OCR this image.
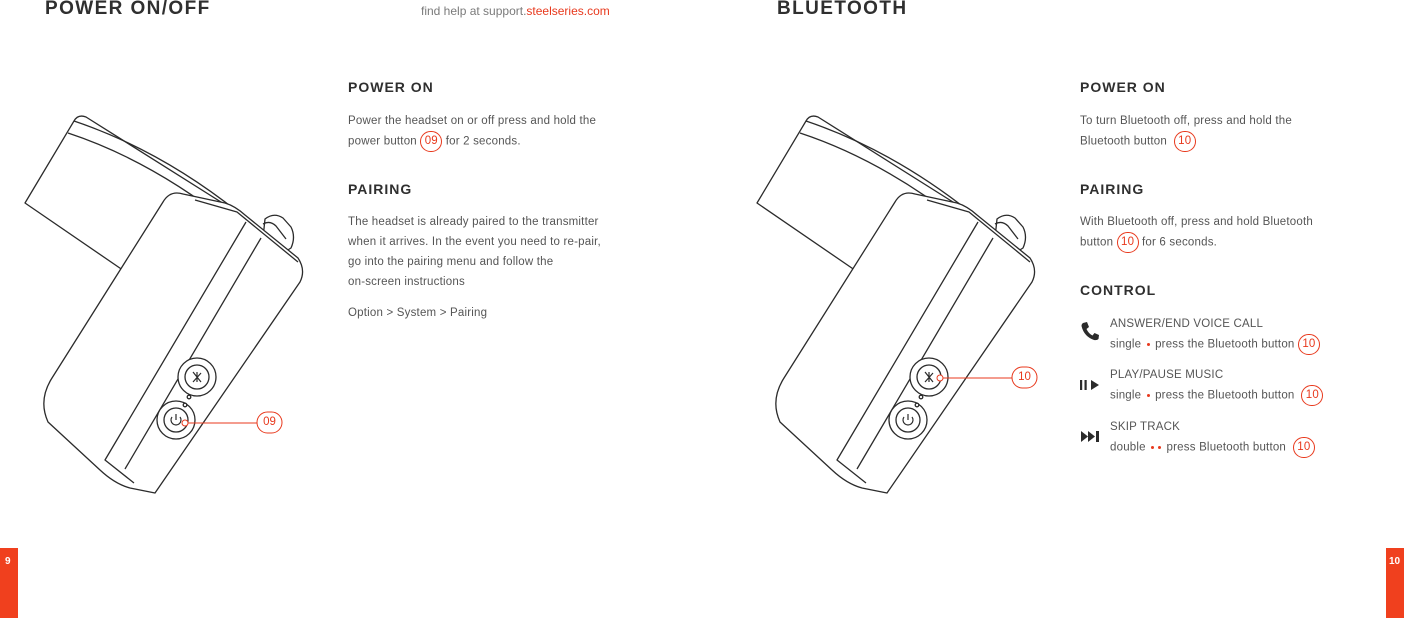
POWER ON/OFF	find help at support.steelseries.com
09
POWER ON

Power the headset on or off press and hold the

power button 09 for 2 seconds.

PAIRING

The headset is already paired to the transmitter

when it arrives. In the event you need to re-pair,

go into the pairing menu and follow the

on-screen instructions

Option > System > Pairing

9
BLUETOOTH
10
POWER ON

To turn Bluetooth off, press and hold the

Bluetooth button 10

PAIRING

With Bluetooth off, press and hold Bluetooth

button 10 for 6 seconds.

CONTROL
ANSWER/END VOICE CALL
single press the Bluetooth button 10
PLAY/PAUSE MUSIC
single press the Bluetooth button 10
SKIP TRACK
double press Bluetooth button 10
10
